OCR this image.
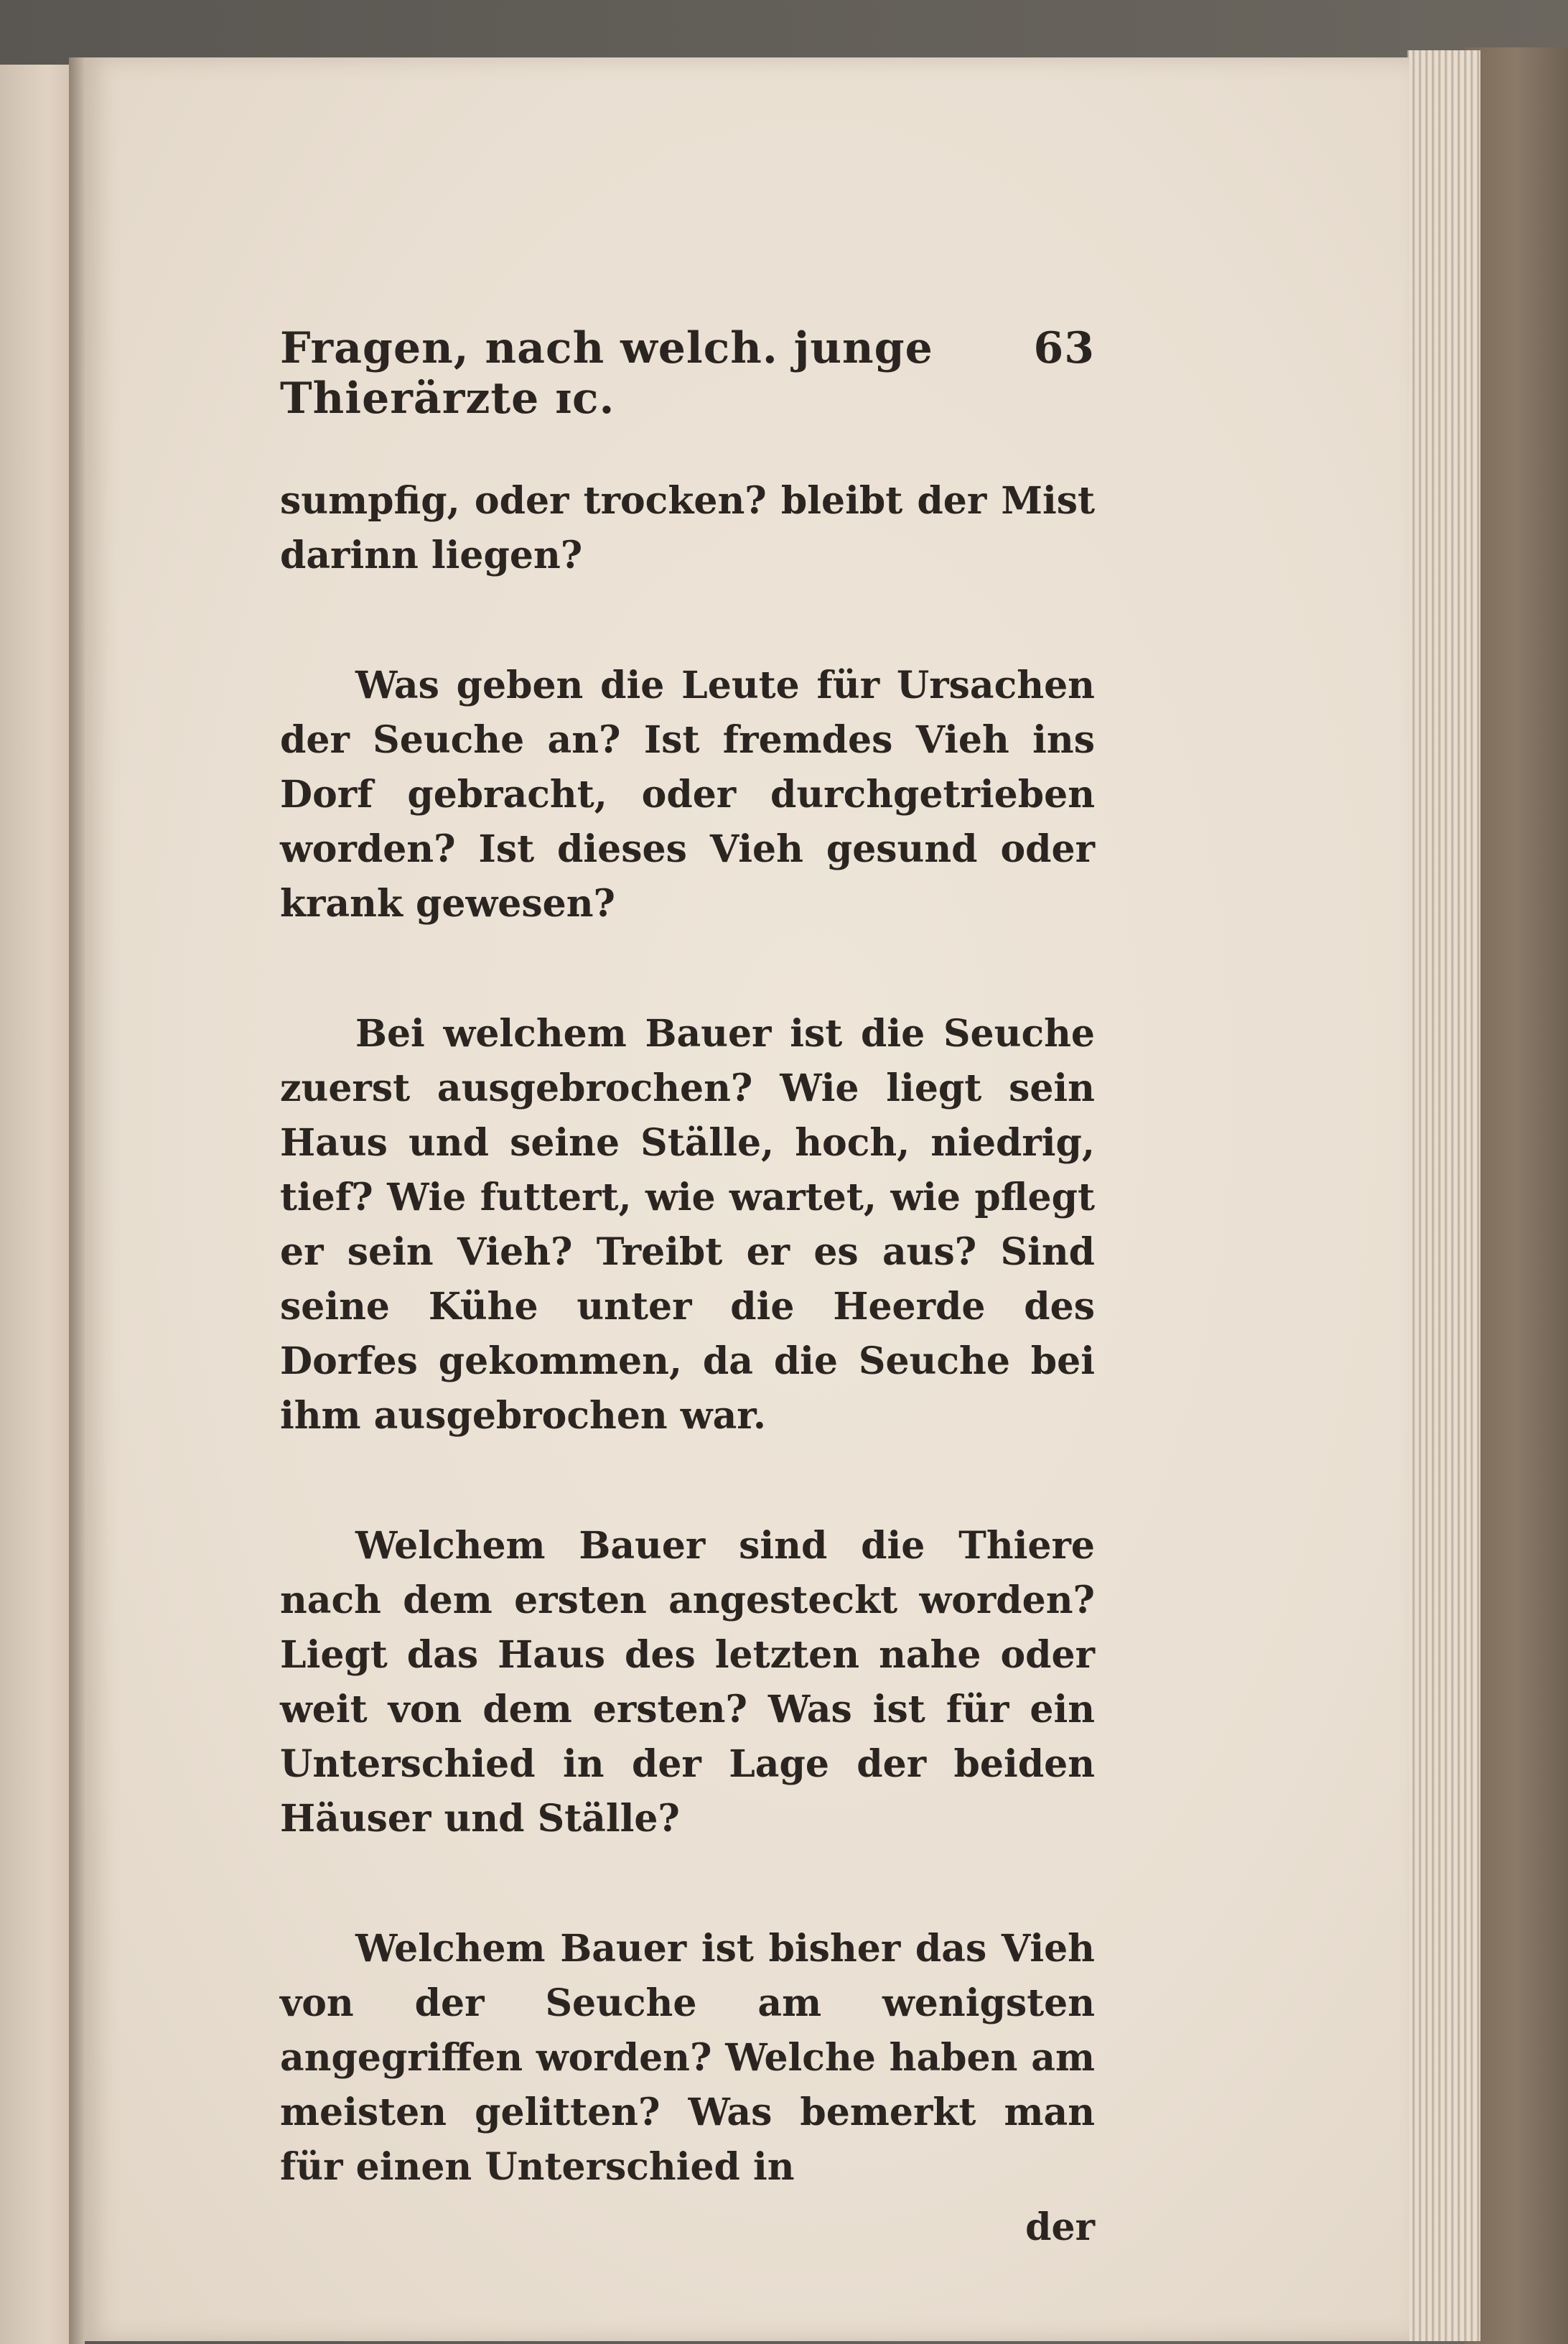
Fragen, nach welch. junge Thierärzte ɪc.
63

sumpfig, oder trocken? bleibt der Mist darinn liegen?

Was geben die Leute für Ursachen der Seuche an? Ist fremdes Vieh ins Dorf gebracht, oder durchgetrieben worden? Ist dieses Vieh gesund oder krank gewesen?

Bei welchem Bauer ist die Seuche zuerst ausgebrochen? Wie liegt sein Haus und seine Ställe, hoch, niedrig, tief? Wie futtert, wie wartet, wie pflegt er sein Vieh? Treibt er es aus? Sind seine Kühe unter die Heerde des Dorfes gekommen, da die Seuche bei ihm ausgebrochen war.

Welchem Bauer sind die Thiere nach dem ersten angesteckt worden? Liegt das Haus des letzten nahe oder weit von dem ersten? Was ist für ein Unterschied in der Lage der beiden Häuser und Ställe?

Welchem Bauer ist bisher das Vieh von der Seuche am wenigsten angegriffen worden? Welche haben am meisten gelitten? Was bemerkt man für einen Unterschied in

der
